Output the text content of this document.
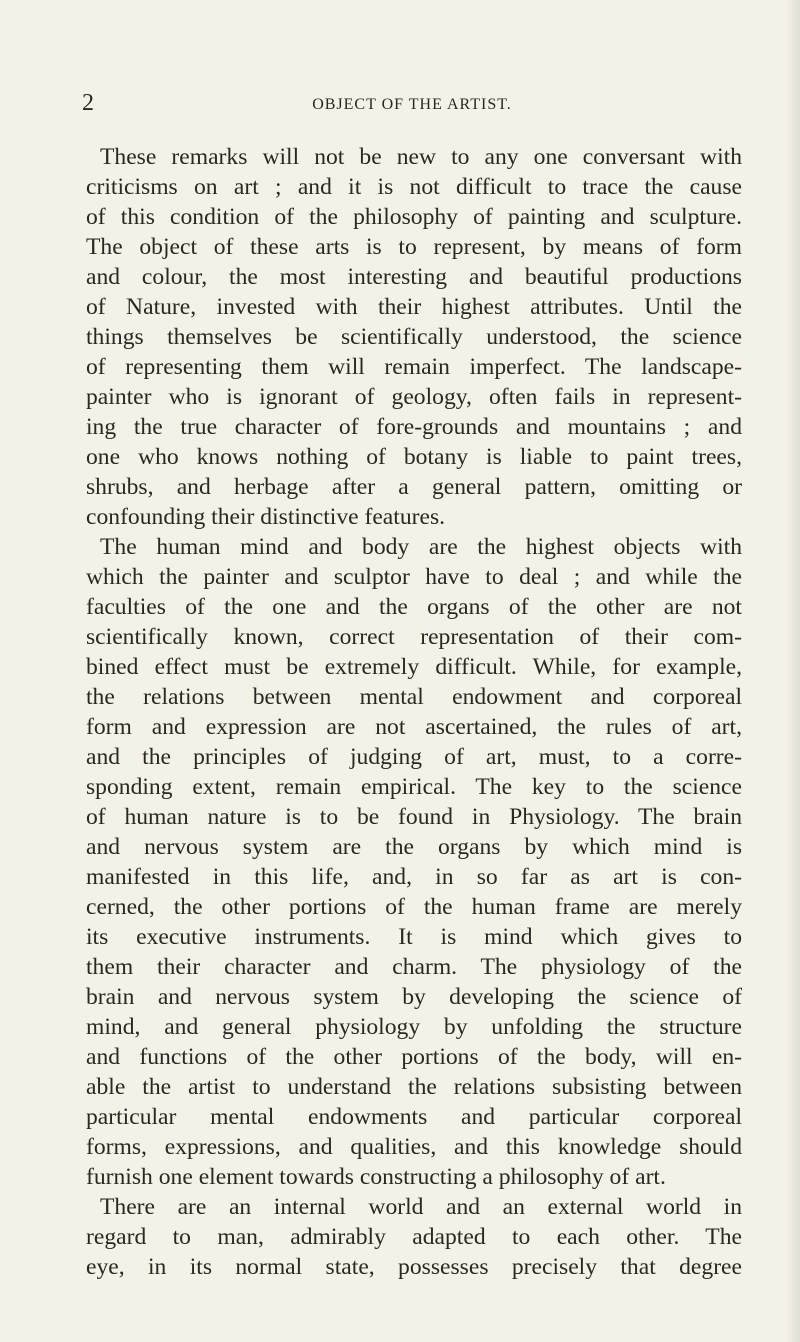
2	OBJECT OF THE ARTIST.
These remarks will not be new to any one conversant with
criticisms on art ; and it is not difficult to trace the cause
of this condition of the philosophy of painting and sculpture.
The object of these arts is to represent, by means of form
and colour, the most interesting and beautiful productions
of Nature, invested with their highest attributes. Until the
things themselves be scientifically understood, the science
of representing them will remain imperfect. The landscape-
painter who is ignorant of geology, often fails in represent-
ing the true character of fore-grounds and mountains ; and
one who knows nothing of botany is liable to paint trees,
shrubs, and herbage after a general pattern, omitting or
confounding their distinctive features.
The human mind and body are the highest objects with
which the painter and sculptor have to deal ; and while the
faculties of the one and the organs of the other are not
scientifically known, correct representation of their com-
bined effect must be extremely difficult. While, for example,
the relations between mental endowment and corporeal
form and expression are not ascertained, the rules of art,
and the principles of judging of art, must, to a corre-
sponding extent, remain empirical. The key to the science
of human nature is to be found in Physiology. The brain
and nervous system are the organs by which mind is
manifested in this life, and, in so far as art is con-
cerned, the other portions of the human frame are merely
its executive instruments. It is mind which gives to
them their character and charm. The physiology of the
brain and nervous system by developing the science of
mind, and general physiology by unfolding the structure
and functions of the other portions of the body, will en-
able the artist to understand the relations subsisting between
particular mental endowments and particular corporeal
forms, expressions, and qualities, and this knowledge should
furnish one element towards constructing a philosophy of art.
There are an internal world and an external world in
regard to man, admirably adapted to each other. The
eye, in its normal state, possesses precisely that degree
